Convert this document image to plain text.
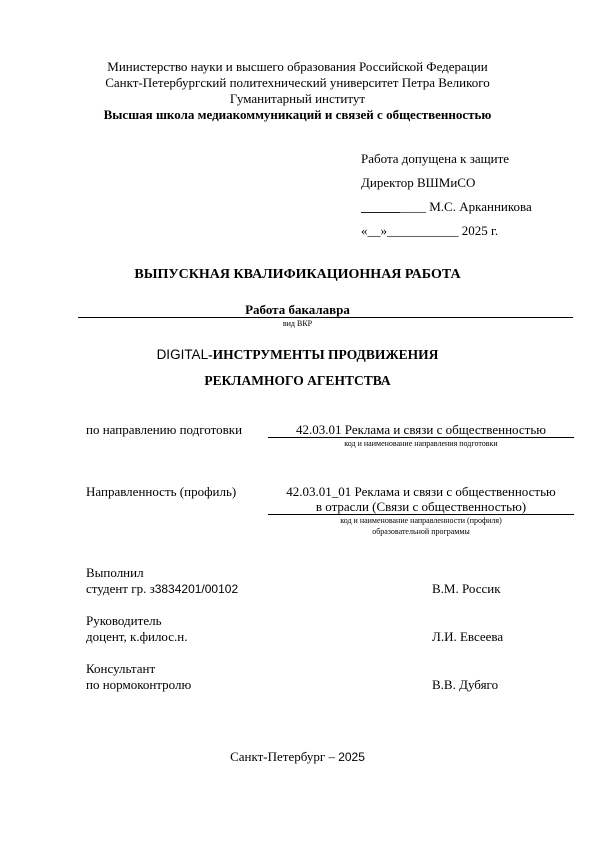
Министерство науки и высшего образования Российской Федерации
Санкт-Петербургский политехнический университет Петра Великого
Гуманитарный институт
Высшая школа медиакоммуникаций и связей с общественностью
Работа допущена к защите
Директор ВШМиСО
__________ М.С. Арканникова
«__»___________ 2025 г.
ВЫПУСКНАЯ КВАЛИФИКАЦИОННАЯ РАБОТА
Работа бакалавра
вид ВКР
DIGITAL-ИНСТРУМЕНТЫ ПРОДВИЖЕНИЯ
РЕКЛАМНОГО АГЕНТСТВА
по направлению подготовки	42.03.01 Реклама и связи с общественностью
код и наименование направления подготовки
Направленность (профиль)	42.03.01_01 Реклама и связи с общественностью
в отрасли (Связи с общественностью)
код и наименование направленности (профиля)
образовательной программы
Выполнил
студент гр. з3834201/00102	В.М. Россик
Руководитель
доцент, к.филос.н.	Л.И. Евсеева
Консультант
по нормоконтролю	В.В. Дубяго
Санкт-Петербург – 2025
